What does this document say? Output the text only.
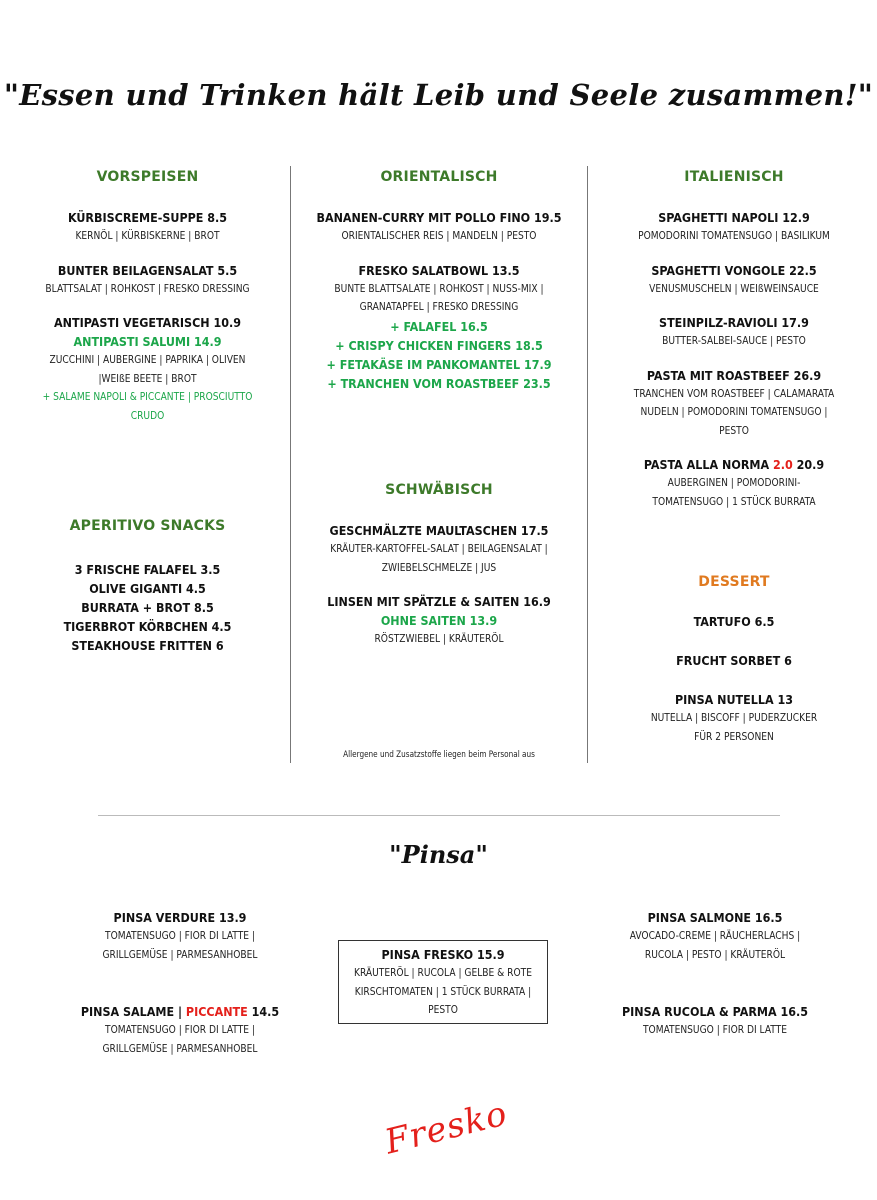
"Essen und Trinken hält Leib und Seele zusammen!"
VORSPEISEN
KÜRBISCREME-SUPPE 8.5
KERNÖL | KÜRBISKERNE | BROT
BUNTER BEILAGENSALAT 5.5
BLATTSALAT | ROHKOST | FRESKO DRESSING
ANTIPASTI VEGETARISCH 10.9
ANTIPASTI SALUMI 14.9
ZUCCHINI | AUBERGINE | PAPRIKA | OLIVEN
|WEIßE BEETE | BROT
+ SALAME NAPOLI & PICCANTE | PROSCIUTTO
CRUDO
APERITIVO SNACKS
3 FRISCHE FALAFEL 3.5
OLIVE GIGANTI 4.5
BURRATA + BROT 8.5
TIGERBROT KÖRBCHEN 4.5
STEAKHOUSE FRITTEN 6
ORIENTALISCH
BANANEN-CURRY MIT POLLO FINO 19.5
ORIENTALISCHER REIS | MANDELN | PESTO
FRESKO SALATBOWL 13.5
BUNTE BLATTSALATE | ROHKOST | NUSS-MIX |
GRANATAPFEL | FRESKO DRESSING
+ FALAFEL 16.5
+ CRISPY CHICKEN FINGERS 18.5
+ FETAKÄSE IM PANKOMANTEL 17.9
+ TRANCHEN VOM ROASTBEEF 23.5
SCHWÄBISCH
GESCHMÄLZTE MAULTASCHEN 17.5
KRÄUTER-KARTOFFEL-SALAT | BEILAGENSALAT |
ZWIEBELSCHMELZE | JUS
LINSEN MIT SPÄTZLE & SAITEN 16.9
OHNE SAITEN 13.9
RÖSTZWIEBEL | KRÄUTERÖL
Allergene und Zusatzstoffe liegen beim Personal aus
ITALIENISCH
SPAGHETTI NAPOLI 12.9
POMODORINI TOMATENSUGO | BASILIKUM
SPAGHETTI VONGOLE 22.5
VENUSMUSCHELN | WEIßWEINSAUCE
STEINPILZ-RAVIOLI 17.9
BUTTER-SALBEI-SAUCE | PESTO
PASTA MIT ROASTBEEF 26.9
TRANCHEN VOM ROASTBEEF | CALAMARATA
NUDELN | POMODORINI TOMATENSUGO |
PESTO
PASTA ALLA NORMA 2.0 20.9
AUBERGINEN | POMODORINI-
TOMATENSUGO | 1 STÜCK BURRATA
DESSERT
TARTUFO 6.5
FRUCHT SORBET 6
PINSA NUTELLA 13
NUTELLA | BISCOFF | PUDERZUCKER
FÜR 2 PERSONEN
"Pinsa"
PINSA VERDURE 13.9
TOMATENSUGO | FIOR DI LATTE |
GRILLGEMÜSE | PARMESANHOBEL
PINSA SALAME | PICCANTE 14.5
TOMATENSUGO | FIOR DI LATTE |
GRILLGEMÜSE | PARMESANHOBEL
PINSA FRESKO 15.9
KRÄUTERÖL | RUCOLA | GELBE & ROTE
KIRSCHTOMATEN | 1 STÜCK BURRATA |
PESTO
PINSA SALMONE 16.5
AVOCADO-CREME | RÄUCHERLACHS |
RUCOLA | PESTO | KRÄUTERÖL
PINSA RUCOLA & PARMA 16.5
TOMATENSUGO | FIOR DI LATTE
Fresko
